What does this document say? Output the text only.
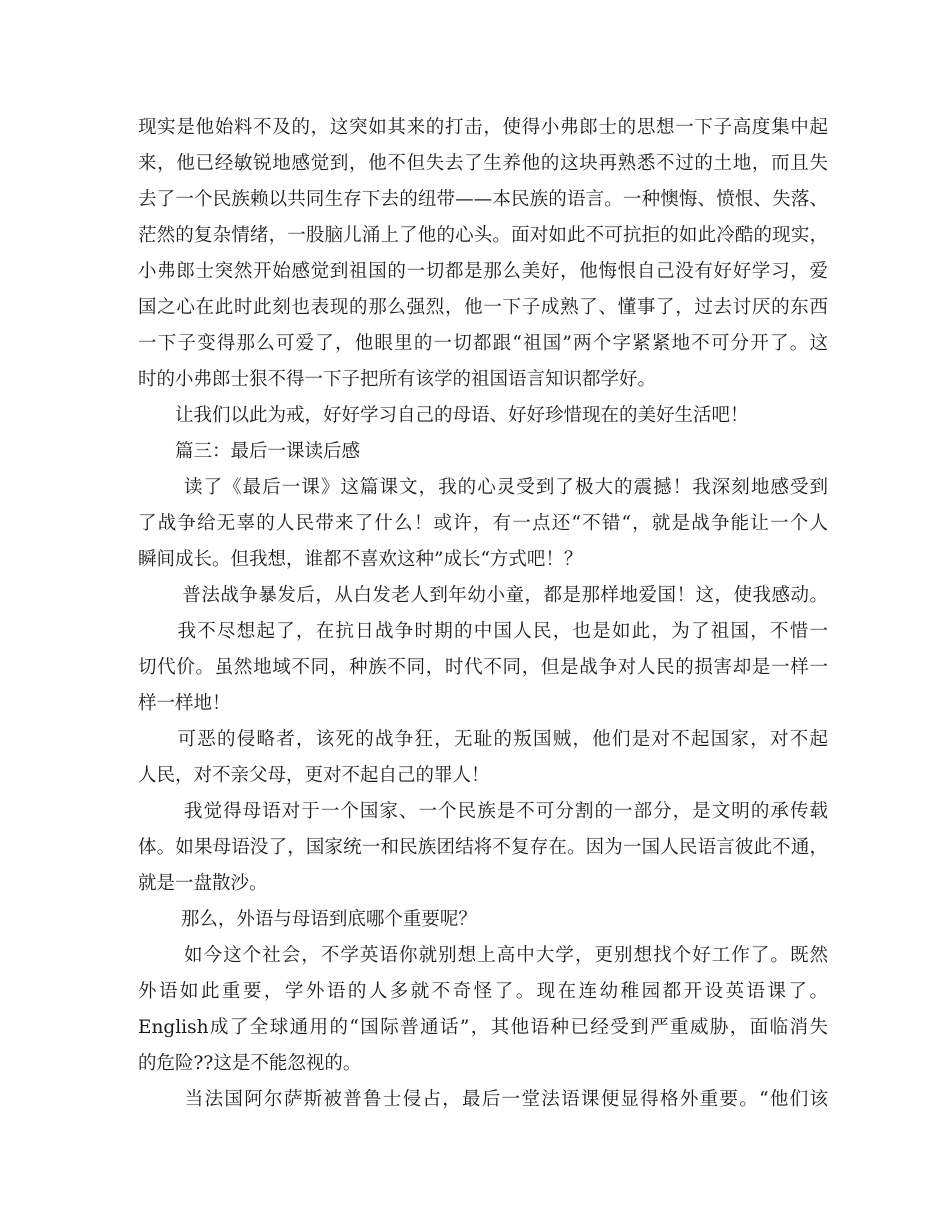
现实是他始料不及的，这突如其来的打击，使得小弗郎士的思想一下子高度集中起
来，他已经敏锐地感觉到，他不但失去了生养他的这块再熟悉不过的土地，而且失
去了一个民族赖以共同生存下去的纽带——本民族的语言。一种懊悔、愤恨、失落、
茫然的复杂情绪，一股脑儿涌上了他的心头。面对如此不可抗拒的如此冷酷的现实，
小弗郎士突然开始感觉到祖国的一切都是那么美好，他悔恨自己没有好好学习，爱
国之心在此时此刻也表现的那么强烈，他一下子成熟了、懂事了，过去讨厌的东西
一下子变得那么可爱了，他眼里的一切都跟“祖国”两个字紧紧地不可分开了。这
时的小弗郎士狠不得一下子把所有该学的祖国语言知识都学好。
　　让我们以此为戒，好好学习自己的母语、好好珍惜现在的美好生活吧！
　　篇三：最后一课读后感
　　 读了《最后一课》这篇课文，我的心灵受到了极大的震撼！我深刻地感受到
了战争给无辜的人民带来了什么！或许，有一点还“不错“，就是战争能让一个人
瞬间成长。但我想，谁都不喜欢这种”成长“方式吧！？
　　 普法战争暴发后，从白发老人到年幼小童，都是那样地爱国！这，使我感动。
　　我不尽想起了，在抗日战争时期的中国人民，也是如此，为了祖国，不惜一
切代价。虽然地域不同，种族不同，时代不同，但是战争对人民的损害却是一样一
样一样地！
　　可恶的侵略者，该死的战争狂，无耻的叛国贼，他们是对不起国家，对不起
人民，对不亲父母，更对不起自己的罪人！
　　 我觉得母语对于一个国家、一个民族是不可分割的一部分，是文明的承传载
体。如果母语没了，国家统一和民族团结将不复存在。因为一国人民语言彼此不通，
就是一盘散沙。
　　 那么，外语与母语到底哪个重要呢？
　　 如今这个社会，不学英语你就别想上高中大学，更别想找个好工作了。既然
外语如此重要，学外语的人多就不奇怪了。现在连幼稚园都开设英语课了。
English成了全球通用的“国际普通话”，其他语种已经受到严重威胁，面临消失
的危险??这是不能忽视的。
　　 当法国阿尔萨斯被普鲁士侵占，最后一堂法语课便显得格外重要。“他们该
